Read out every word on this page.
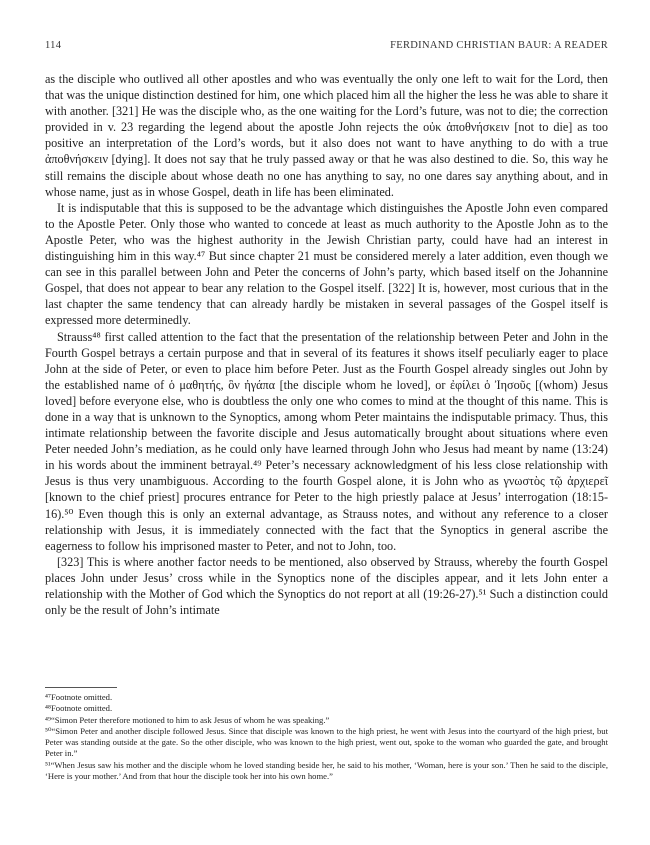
114	FERDINAND CHRISTIAN BAUR: A READER

as the disciple who outlived all other apostles and who was eventually the only one left to wait for the Lord, then that was the unique distinction destined for him, one which placed him all the higher the less he was able to share it with another. [321] He was the disciple who, as the one waiting for the Lord’s future, was not to die; the correction provided in v. 23 regarding the legend about the apostle John rejects the οὐκ ἀποθνήσκειν [not to die] as too positive an interpretation of the Lord’s words, but it also does not want to have anything to do with a true ἀποθνήσκειν [dying]. It does not say that he truly passed away or that he was also destined to die. So, this way he still remains the disciple about whose death no one has anything to say, no one dares say anything about, and in whose name, just as in whose Gospel, death in life has been eliminated.

It is indisputable that this is supposed to be the advantage which distinguishes the Apostle John even compared to the Apostle Peter. Only those who wanted to concede at least as much authority to the Apostle John as to the Apostle Peter, who was the highest authority in the Jewish Christian party, could have had an interest in distinguishing him in this way.⁴⁷ But since chapter 21 must be considered merely a later addition, even though we can see in this parallel between John and Peter the concerns of John’s party, which based itself on the Johannine Gospel, that does not appear to bear any relation to the Gospel itself. [322] It is, however, most curious that in the last chapter the same tendency that can already hardly be mistaken in several passages of the Gospel itself is expressed more determinedly.

Strauss⁴⁸ first called attention to the fact that the presentation of the relationship between Peter and John in the Fourth Gospel betrays a certain purpose and that in several of its features it shows itself peculiarly eager to place John at the side of Peter, or even to place him before Peter. Just as the Fourth Gospel already singles out John by the established name of ὁ μαθητής, ὃν ἠγάπα [the disciple whom he loved], or ἐφίλει ὁ Ἰησοῦς [(whom) Jesus loved] before everyone else, who is doubtless the only one who comes to mind at the thought of this name. This is done in a way that is unknown to the Synoptics, among whom Peter maintains the indisputable primacy. Thus, this intimate relationship between the favorite disciple and Jesus automatically brought about situations where even Peter needed John’s mediation, as he could only have learned through John who Jesus had meant by name (13:24) in his words about the imminent betrayal.⁴⁹ Peter’s necessary acknowledgment of his less close relationship with Jesus is thus very unambiguous. According to the fourth Gospel alone, it is John who as γνωστὸς τῷ ἀρχιερεῖ [known to the chief priest] procures entrance for Peter to the high priestly palace at Jesus’ interrogation (18:15-16).⁵⁰ Even though this is only an external advantage, as Strauss notes, and without any reference to a closer relationship with Jesus, it is immediately connected with the fact that the Synoptics in general ascribe the eagerness to follow his imprisoned master to Peter, and not to John, too.

[323] This is where another factor needs to be mentioned, also observed by Strauss, whereby the fourth Gospel places John under Jesus’ cross while in the Synoptics none of the disciples appear, and it lets John enter a relationship with the Mother of God which the Synoptics do not report at all (19:26-27).⁵¹ Such a distinction could only be the result of John’s intimate

⁴⁷Footnote omitted.

⁴⁸Footnote omitted.

⁴⁹“Simon Peter therefore motioned to him to ask Jesus of whom he was speaking.”

⁵⁰“Simon Peter and another disciple followed Jesus. Since that disciple was known to the high priest, he went with Jesus into the courtyard of the high priest, but Peter was standing outside at the gate. So the other disciple, who was known to the high priest, went out, spoke to the woman who guarded the gate, and brought Peter in.”

⁵¹“When Jesus saw his mother and the disciple whom he loved standing beside her, he said to his mother, ‘Woman, here is your son.’ Then he said to the disciple, ‘Here is your mother.’ And from that hour the disciple took her into his own home.”
